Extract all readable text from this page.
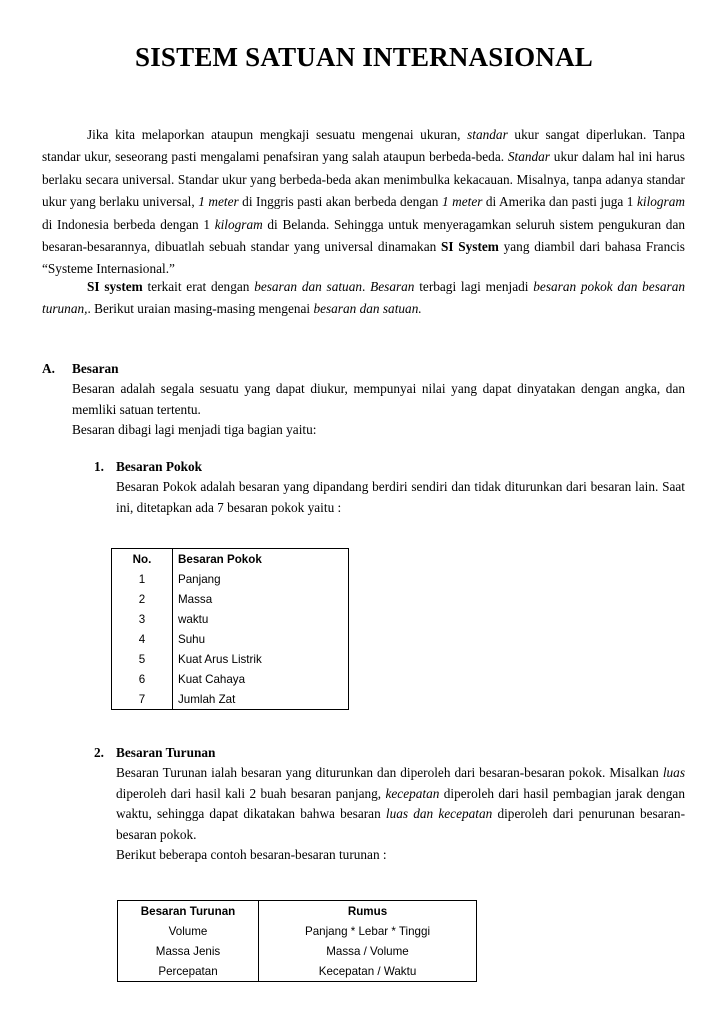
SISTEM SATUAN INTERNASIONAL

Jika kita melaporkan ataupun mengkaji sesuatu mengenai ukuran, standar ukur sangat diperlukan. Tanpa standar ukur, seseorang pasti mengalami penafsiran yang salah ataupun berbeda-beda. Standar ukur dalam hal ini harus berlaku secara universal. Standar ukur yang berbeda-beda akan menimbulka kekacauan. Misalnya, tanpa adanya standar ukur yang berlaku universal, 1 meter di Inggris pasti akan berbeda dengan 1 meter di Amerika dan pasti juga 1 kilogram di Indonesia berbeda dengan 1 kilogram di Belanda. Sehingga untuk menyeragamkan seluruh sistem pengukuran dan besaran-besarannya, dibuatlah sebuah standar yang universal dinamakan SI System yang diambil dari bahasa Francis “Systeme Internasional.”

SI system terkait erat dengan besaran dan satuan. Besaran terbagi lagi menjadi besaran pokok dan besaran turunan,. Berikut uraian masing-masing mengenai besaran dan satuan.

A. Besaran
Besaran adalah segala sesuatu yang dapat diukur, mempunyai nilai yang dapat dinyatakan dengan angka, dan memliki satuan tertentu.
Besaran dibagi lagi menjadi tiga bagian yaitu:
1. Besaran Pokok
Besaran Pokok adalah besaran yang dipandang berdiri sendiri dan tidak diturunkan dari besaran lain. Saat ini, ditetapkan ada 7 besaran pokok yaitu :
No.	Besaran Pokok
1	Panjang
2	Massa
3	waktu
4	Suhu
5	Kuat Arus Listrik
6	Kuat Cahaya
7	Jumlah Zat
2. Besaran Turunan
Besaran Turunan ialah besaran yang diturunkan dan diperoleh dari besaran-besaran pokok. Misalkan luas diperoleh dari hasil kali 2 buah besaran panjang, kecepatan diperoleh dari hasil pembagian jarak dengan waktu, sehingga dapat dikatakan bahwa besaran luas dan kecepatan diperoleh dari penurunan besaran-besaran pokok.
Berikut beberapa contoh besaran-besaran turunan :
Besaran Turunan	Rumus
Volume	Panjang * Lebar * Tinggi
Massa Jenis	Massa / Volume
Percepatan	Kecepatan / Waktu
